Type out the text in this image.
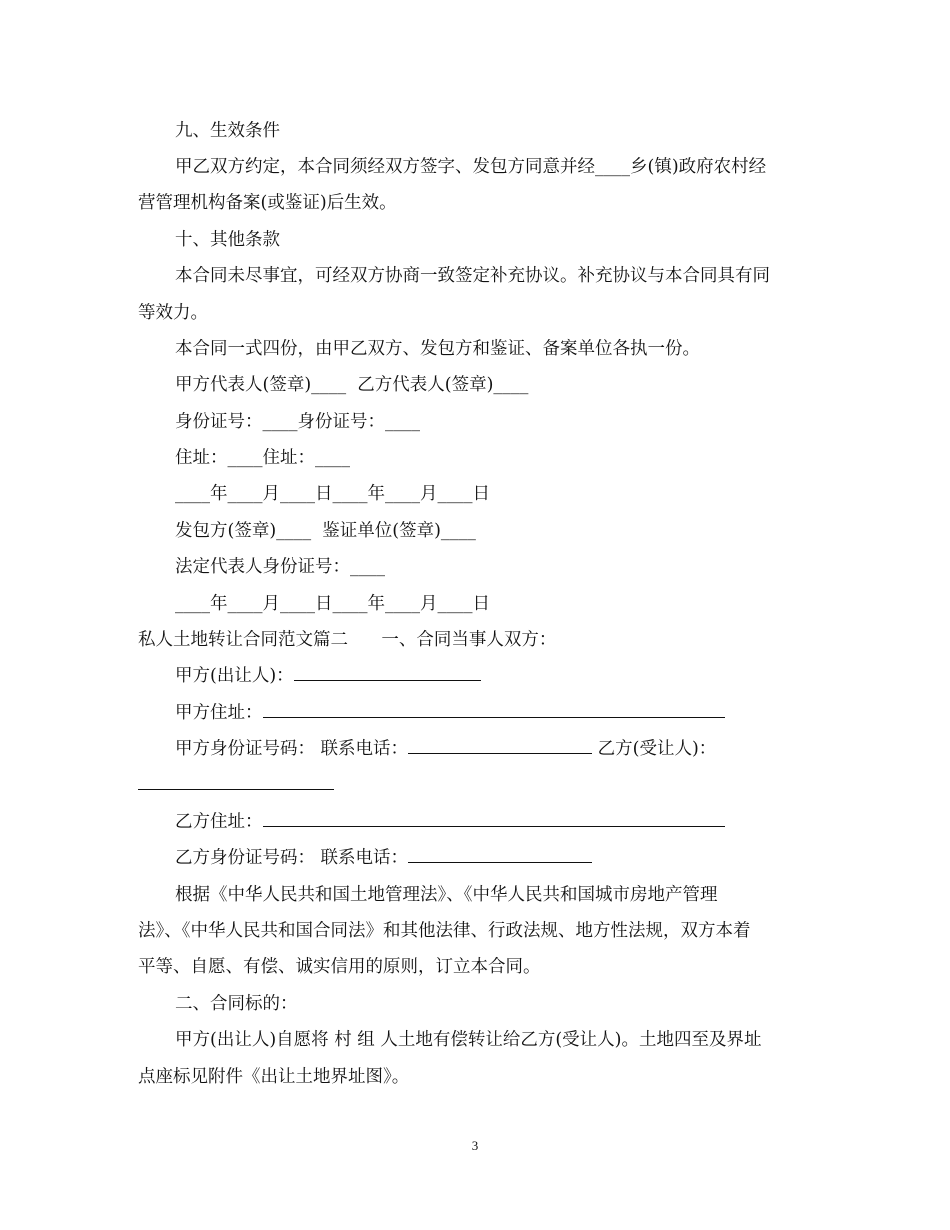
九、生效条件

甲乙双方约定，本合同须经双方签字、发包方同意并经____乡(镇)政府农村经

营管理机构备案(或鉴证)后生效。

十、其他条款

本合同未尽事宜，可经双方协商一致签定补充协议。补充协议与本合同具有同

等效力。

本合同一式四份，由甲乙双方、发包方和鉴证、备案单位各执一份。

甲方代表人(签章)____  乙方代表人(签章)____

身份证号：____身份证号：____

住址：____住址：____

____年____月____日____年____月____日

发包方(签章)____  鉴证单位(签章)____

法定代表人身份证号：____

____年____月____日____年____月____日

私人土地转让合同范文篇二      一、合同当事人双方：

甲方(出让人)：

甲方住址：

甲方身份证号码： 联系电话：	乙方(受让人)：

乙方住址：

乙方身份证号码： 联系电话：

根据《中华人民共和国土地管理法》、《中华人民共和国城市房地产管理

法》、《中华人民共和国合同法》和其他法律、行政法规、地方性法规，双方本着

平等、自愿、有偿、诚实信用的原则，订立本合同。

二、合同标的：

甲方(出让人)自愿将 村 组 人土地有偿转让给乙方(受让人)。土地四至及界址

点座标见附件《出让土地界址图》。

3
